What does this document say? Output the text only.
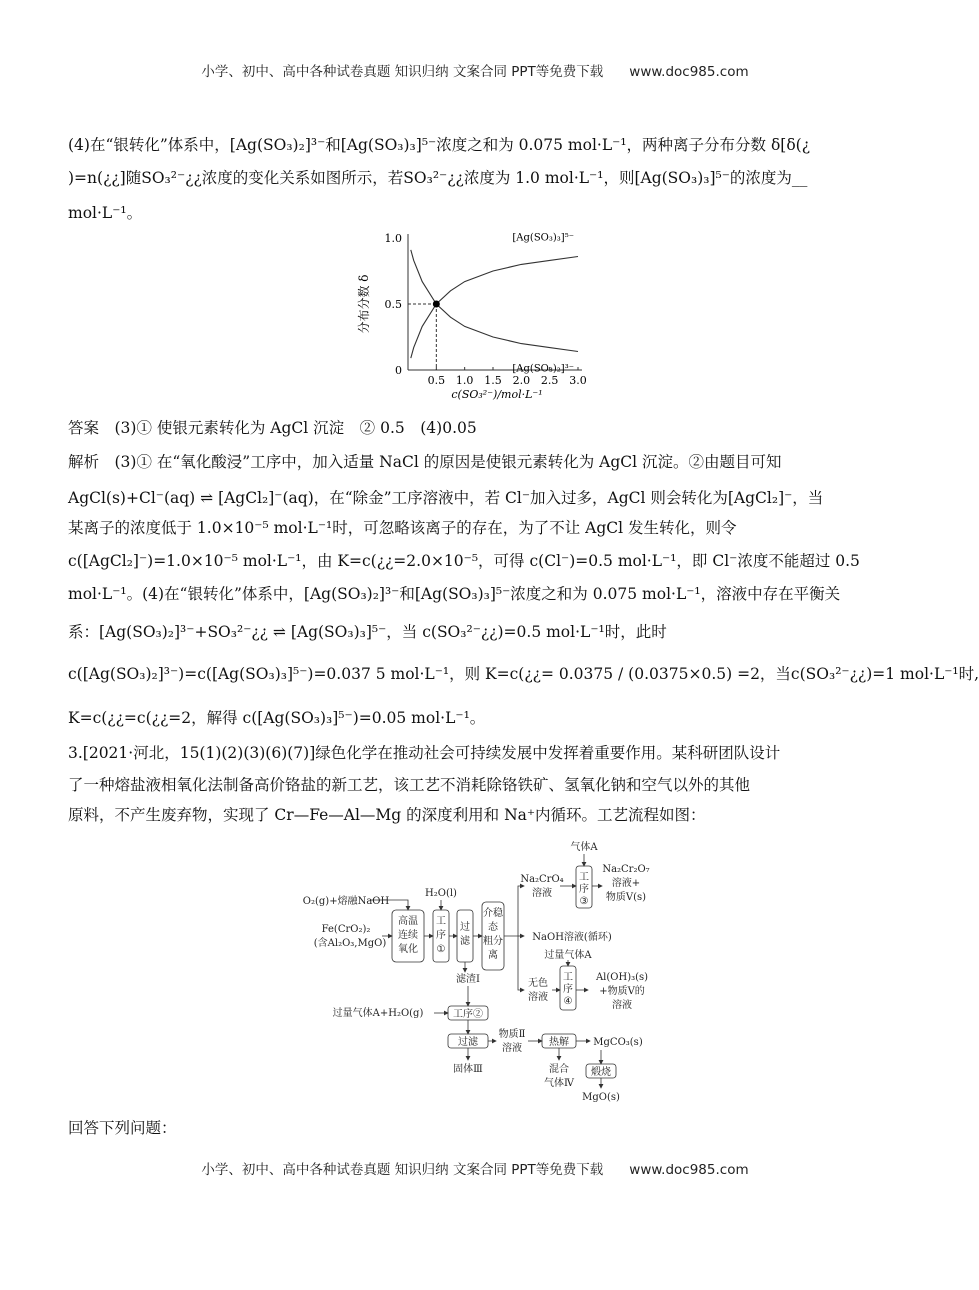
小学、初中、高中各种试卷真题 知识归纳 文案合同 PPT等免费下载 www.doc985.com
(4)在“银转化”体系中，[Ag(SO₃)₂]³⁻和[Ag(SO₃)₃]⁵⁻浓度之和为 0.075 mol·L⁻¹，两种离子分布分数 δ[δ(¿
)=n(¿¿]随SO₃²⁻¿¿浓度的变化关系如图所示，若SO₃²⁻¿¿浓度为 1.0 mol·L⁻¹，则[Ag(SO₃)₃]⁵⁻的浓度为__
mol·L⁻¹。
0.5 1.0 1.5 2.0 2.5 3.0
0
0.5
1.0
c(SO₃²⁻)/mol·L⁻¹
分布分数 δ
[Ag(SO₃)₃]⁵⁻
[Ag(SO₃)₂]³⁻
答案　(3)① 使银元素转化为 AgCl 沉淀　② 0.5　(4)0.05
解析　(3)① 在“氧化酸浸”工序中，加入适量 NaCl 的原因是使银元素转化为 AgCl 沉淀。②由题目可知
AgCl(s)+Cl⁻(aq) ⇌ [AgCl₂]⁻(aq)，在“除金”工序溶液中，若 Cl⁻加入过多，AgCl 则会转化为[AgCl₂]⁻，当
某离子的浓度低于 1.0×10⁻⁵ mol·L⁻¹时，可忽略该离子的存在，为了不让 AgCl 发生转化，则令
c([AgCl₂]⁻)=1.0×10⁻⁵ mol·L⁻¹，由 K=c(¿¿=2.0×10⁻⁵，可得 c(Cl⁻)=0.5 mol·L⁻¹，即 Cl⁻浓度不能超过 0.5
mol·L⁻¹。(4)在“银转化”体系中，[Ag(SO₃)₂]³⁻和[Ag(SO₃)₃]⁵⁻浓度之和为 0.075 mol·L⁻¹，溶液中存在平衡关
系：[Ag(SO₃)₂]³⁻+SO₃²⁻¿¿ ⇌ [Ag(SO₃)₃]⁵⁻，当 c(SO₃²⁻¿¿)=0.5 mol·L⁻¹时，此时
c([Ag(SO₃)₂]³⁻)=c([Ag(SO₃)₃]⁵⁻)=0.037 5 mol·L⁻¹，则 K=c(¿¿= 0.0375 / (0.0375×0.5) =2，当c(SO₃²⁻¿¿)=1 mol·L⁻¹时,
K=c(¿¿=c(¿¿=2，解得 c([Ag(SO₃)₃]⁵⁻)=0.05 mol·L⁻¹。
3.[2021·河北，15(1)(2)(3)(6)(7)]绿色化学在推动社会可持续发展中发挥着重要作用。某科研团队设计
了一种熔盐液相氧化法制备高价铬盐的新工艺，该工艺不消耗除铬铁矿、氢氧化钠和空气以外的其他
原料，不产生废弃物，实现了 Cr—Fe—Al—Mg 的深度利用和 Na⁺内循环。工艺流程如图：
O₂(g)+熔融NaOH
H₂O(l)
Fe(CrO₂)₂
(含Al₂O₃,MgO)
高温
连续
氧化
工
序
①
过
滤
介稳
态
粗分
离
气体A
Na₂CrO₄
溶液
工
序
③
Na₂Cr₂O₇
溶液+
物质Ⅴ(s)
NaOH溶液(循环)
过量气体A
无色
溶液
工
序
④
Al(OH)₃(s)
+物质Ⅴ的
溶液
滤渣Ⅰ
过量气体A+H₂O(g)	工序②
过滤
物质Ⅱ
溶液
热解 MgCO₃(s)
固体Ⅲ	混合
气体Ⅳ
煅烧
MgO(s)
回答下列问题：
小学、初中、高中各种试卷真题 知识归纳 文案合同 PPT等免费下载 www.doc985.com
